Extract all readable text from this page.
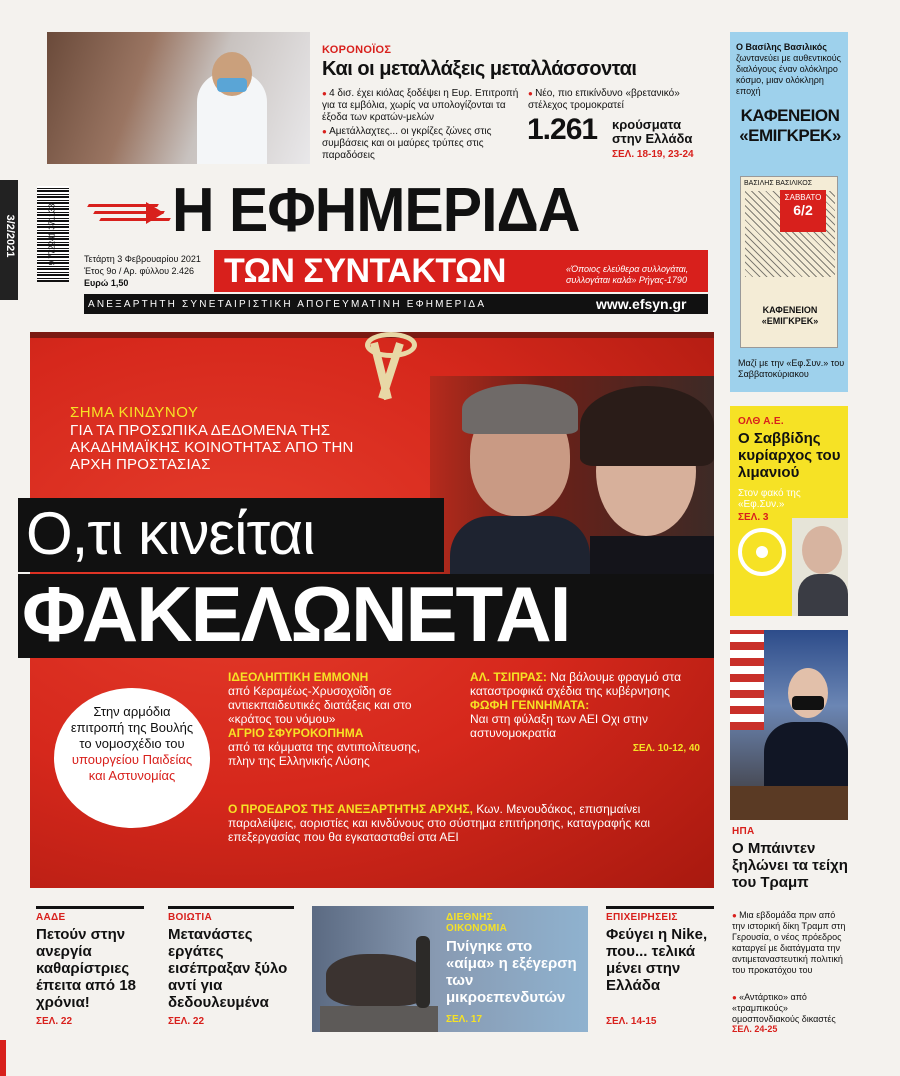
3/2/2021
ΚΟΡΟΝΟΪΟΣ
Και οι μεταλλάξεις μεταλλάσσονται
● 4 δισ. έχει κιόλας ξοδέψει η Ευρ. Επιτροπή για τα εμβόλια, χωρίς να υπολογίζονται τα έξοδα των κρατών-μελών
● Αμετάλλαχτες... οι γκρίζες ζώνες στις συμβάσεις και οι μαύρες τρύπες στις παραδόσεις
● Νέο, πιο επικίνδυνο «βρετανικό» στέλεχος τρομοκρατεί
1.261 κρούσματα στην Ελλάδα
ΣΕΛ. 18-19, 23-24
9 772241 371133 Η ΕΦΗΜΕΡΙΔΑ
Τετάρτη 3 Φεβρουαρίου 2021
Έτος 9ο / Αρ. φύλλου 2.426
Ευρώ 1,50	ΤΩΝ ΣΥΝΤΑΚΤΩΝ	«Όποιος ελεύθερα συλλογάται, συλλογάται καλά» Ρήγας-1790
ΑΝΕΞΑΡΤΗΤΗ ΣΥΝΕΤΑΙΡΙΣΤΙΚΗ ΑΠΟΓΕΥΜΑΤΙΝΗ ΕΦΗΜΕΡΙΔΑ	www.efsyn.gr
ΣΗΜΑ ΚΙΝΔΥΝΟΥ
ΓΙΑ ΤΑ ΠΡΟΣΩΠΙΚΑ ΔΕΔΟΜΕΝΑ ΤΗΣ ΑΚΑΔΗΜΑΪΚΗΣ ΚΟΙΝΟΤΗΤΑΣ ΑΠΟ ΤΗΝ ΑΡΧΗ ΠΡΟΣΤΑΣΙΑΣ
Ο,τι κινείται
ΦΑΚΕΛΩΝΕΤΑΙ
Στην αρμόδια επιτροπή της Βουλής το νομοσχέδιο του υπουργείου Παιδείας και Αστυνομίας
ΙΔΕΟΛΗΠΤΙΚΗ ΕΜΜΟΝΗ
από Κεραμέως-Χρυσοχοΐδη σε αντιεκπαιδευτικές διατάξεις και στο «κράτος του νόμου»
ΑΓΡΙΟ ΣΦΥΡΟΚΟΠΗΜΑ
από τα κόμματα της αντιπολίτευσης, πλην της Ελληνικής Λύσης
ΑΛ. ΤΣΙΠΡΑΣ: Να βάλουμε φραγμό στα καταστροφικά σχέδια της κυβέρνησης
ΦΩΦΗ ΓΕΝΝΗΜΑΤΑ:
Ναι στη φύλαξη των ΑΕΙ Οχι στην αστυνομοκρατία
ΣΕΛ. 10-12, 40
Ο ΠΡΟΕΔΡΟΣ ΤΗΣ ΑΝΕΞΑΡΤΗΤΗΣ ΑΡΧΗΣ, Κων. Μενουδάκος, επισημαίνει παραλείψεις, αοριστίες και κινδύνους στο σύστημα επιτήρησης, καταγραφής και επεξεργασίας που θα εγκατασταθεί στα ΑΕΙ
Ο Βασίλης Βασιλικός ζωντανεύει με αυθεντικούς διαλόγους έναν ολόκληρο κόσμο, μιαν ολόκληρη εποχή
ΚΑΦΕΝΕΙΟΝ «ΕΜΙΓΚΡΕΚ»
ΒΑΣΙΛΗΣ ΒΑΣΙΛΙΚΟΣ
ΚΑΦΕΝΕΙΟΝ «ΕΜΙΓΚΡΕΚ»
ΣΑΒΒΑΤΟ
6/2
Μαζί με την «Εφ.Συν.» του Σαββατοκύριακου
ΟΛΘ Α.Ε.
Ο Σαββίδης κυρίαρχος του λιμανιού
Στον φακό της «Εφ.Συν.»
ΣΕΛ. 3
ΗΠΑ
Ο Μπάιντεν ξηλώνει τα τείχη του Τραμπ
● Μια εβδομάδα πριν από την ιστορική δίκη Τραμπ στη Γερουσία, ο νέος πρόεδρος καταργεί με διατάγματα την αντιμεταναστευτική πολιτική του προκατόχου του
● «Αντάρτικο» από «τραμπικούς» ομοσπονδιακούς δικαστές
ΣΕΛ. 24-25
ΑΑΔΕ
Πετούν στην ανεργία καθαρίστριες έπειτα από 18 χρόνια!
ΣΕΛ. 22
ΒΟΙΩΤΙΑ
Μετανάστες εργάτες εισέπραξαν ξύλο αντί για δεδουλευμένα
ΣΕΛ. 22
ΔΙΕΘΝΗΣ ΟΙΚΟΝΟΜΙΑ
Πνίγηκε στο «αίμα» η εξέγερση των μικροεπενδυτών
ΣΕΛ. 17
ΕΠΙΧΕΙΡΗΣΕΙΣ
Φεύγει η Nike, που... τελικά μένει στην Ελλάδα
ΣΕΛ. 14-15
